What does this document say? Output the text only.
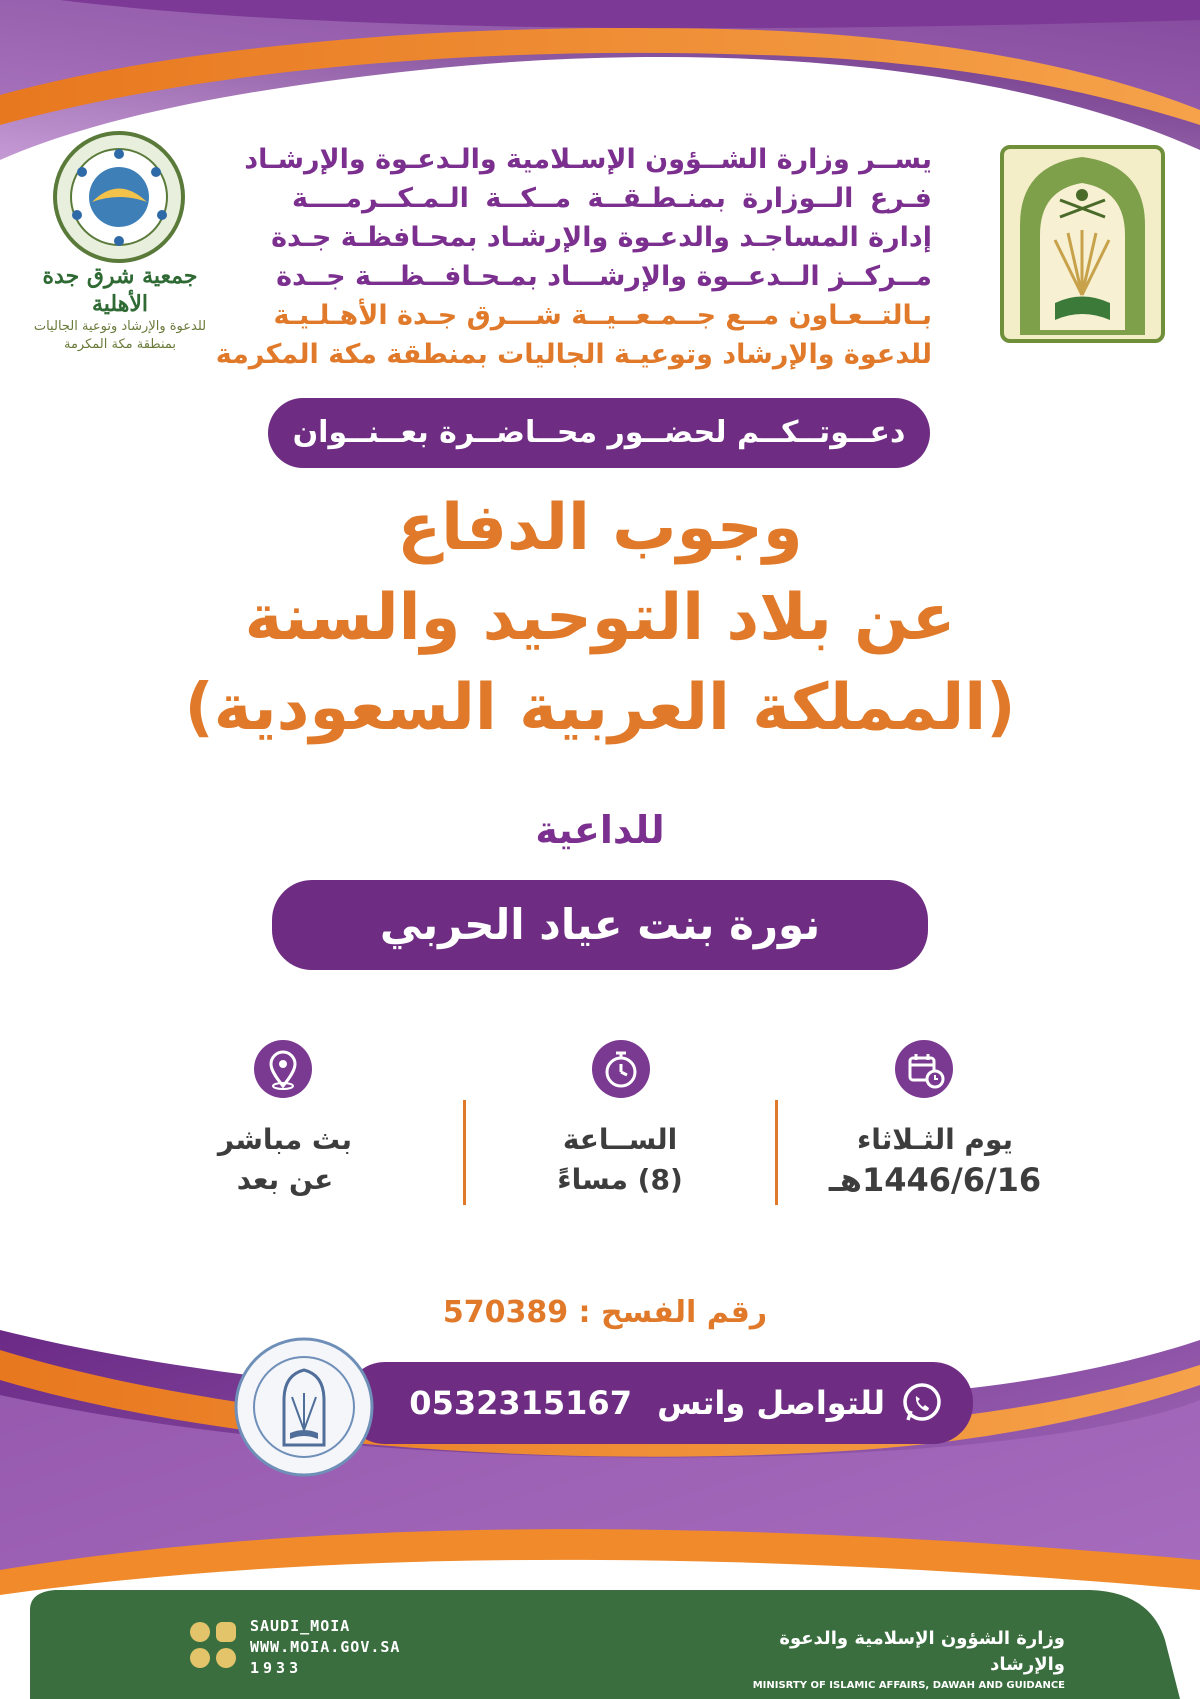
يســر وزارة الشــؤون الإسـلامية والـدعـوة والإرشـاد
فـرع الــوزارة بمنـطـقــة مــكــة الـمـكــرمــــة
إدارة المساجـد والدعـوة والإرشـاد بمحـافظـة جـدة
مــركــز الــدعــوة والإرشـــاد بمـحـافــظـــة جــدة
بـالتــعـاون مــع جــمـعــيــة شـــرق جـدة الأهـلـيـة
للدعوة والإرشاد وتوعيـة الجاليات بمنطقة مكة المكرمة
جمعية شرق جدة الأهلية
للدعوة والإرشاد وتوعية الجاليات
بمنطقة مكة المكرمة
دعــوتــكــم لحضــور محــاضــرة بعــنــوان
وجوب الدفاع
عن بلاد التوحيد والسنة
(المملكة العربية السعودية)
للداعية
نورة بنت عياد الحربي
يوم الثـلاثاء
1446/6/16هـ
الســاعة
(8) مساءً
بث مباشر
عن بعد
رقم الفسح : 570389
للتواصل واتس 0532315167
SAUDI_MOIA
WWW.MOIA.GOV.SA
1933
وزارة الشؤون الإسلامية والدعوة والإرشاد
MINISRTY OF ISLAMIC AFFAIRS, DAWAH AND GUIDANCE
